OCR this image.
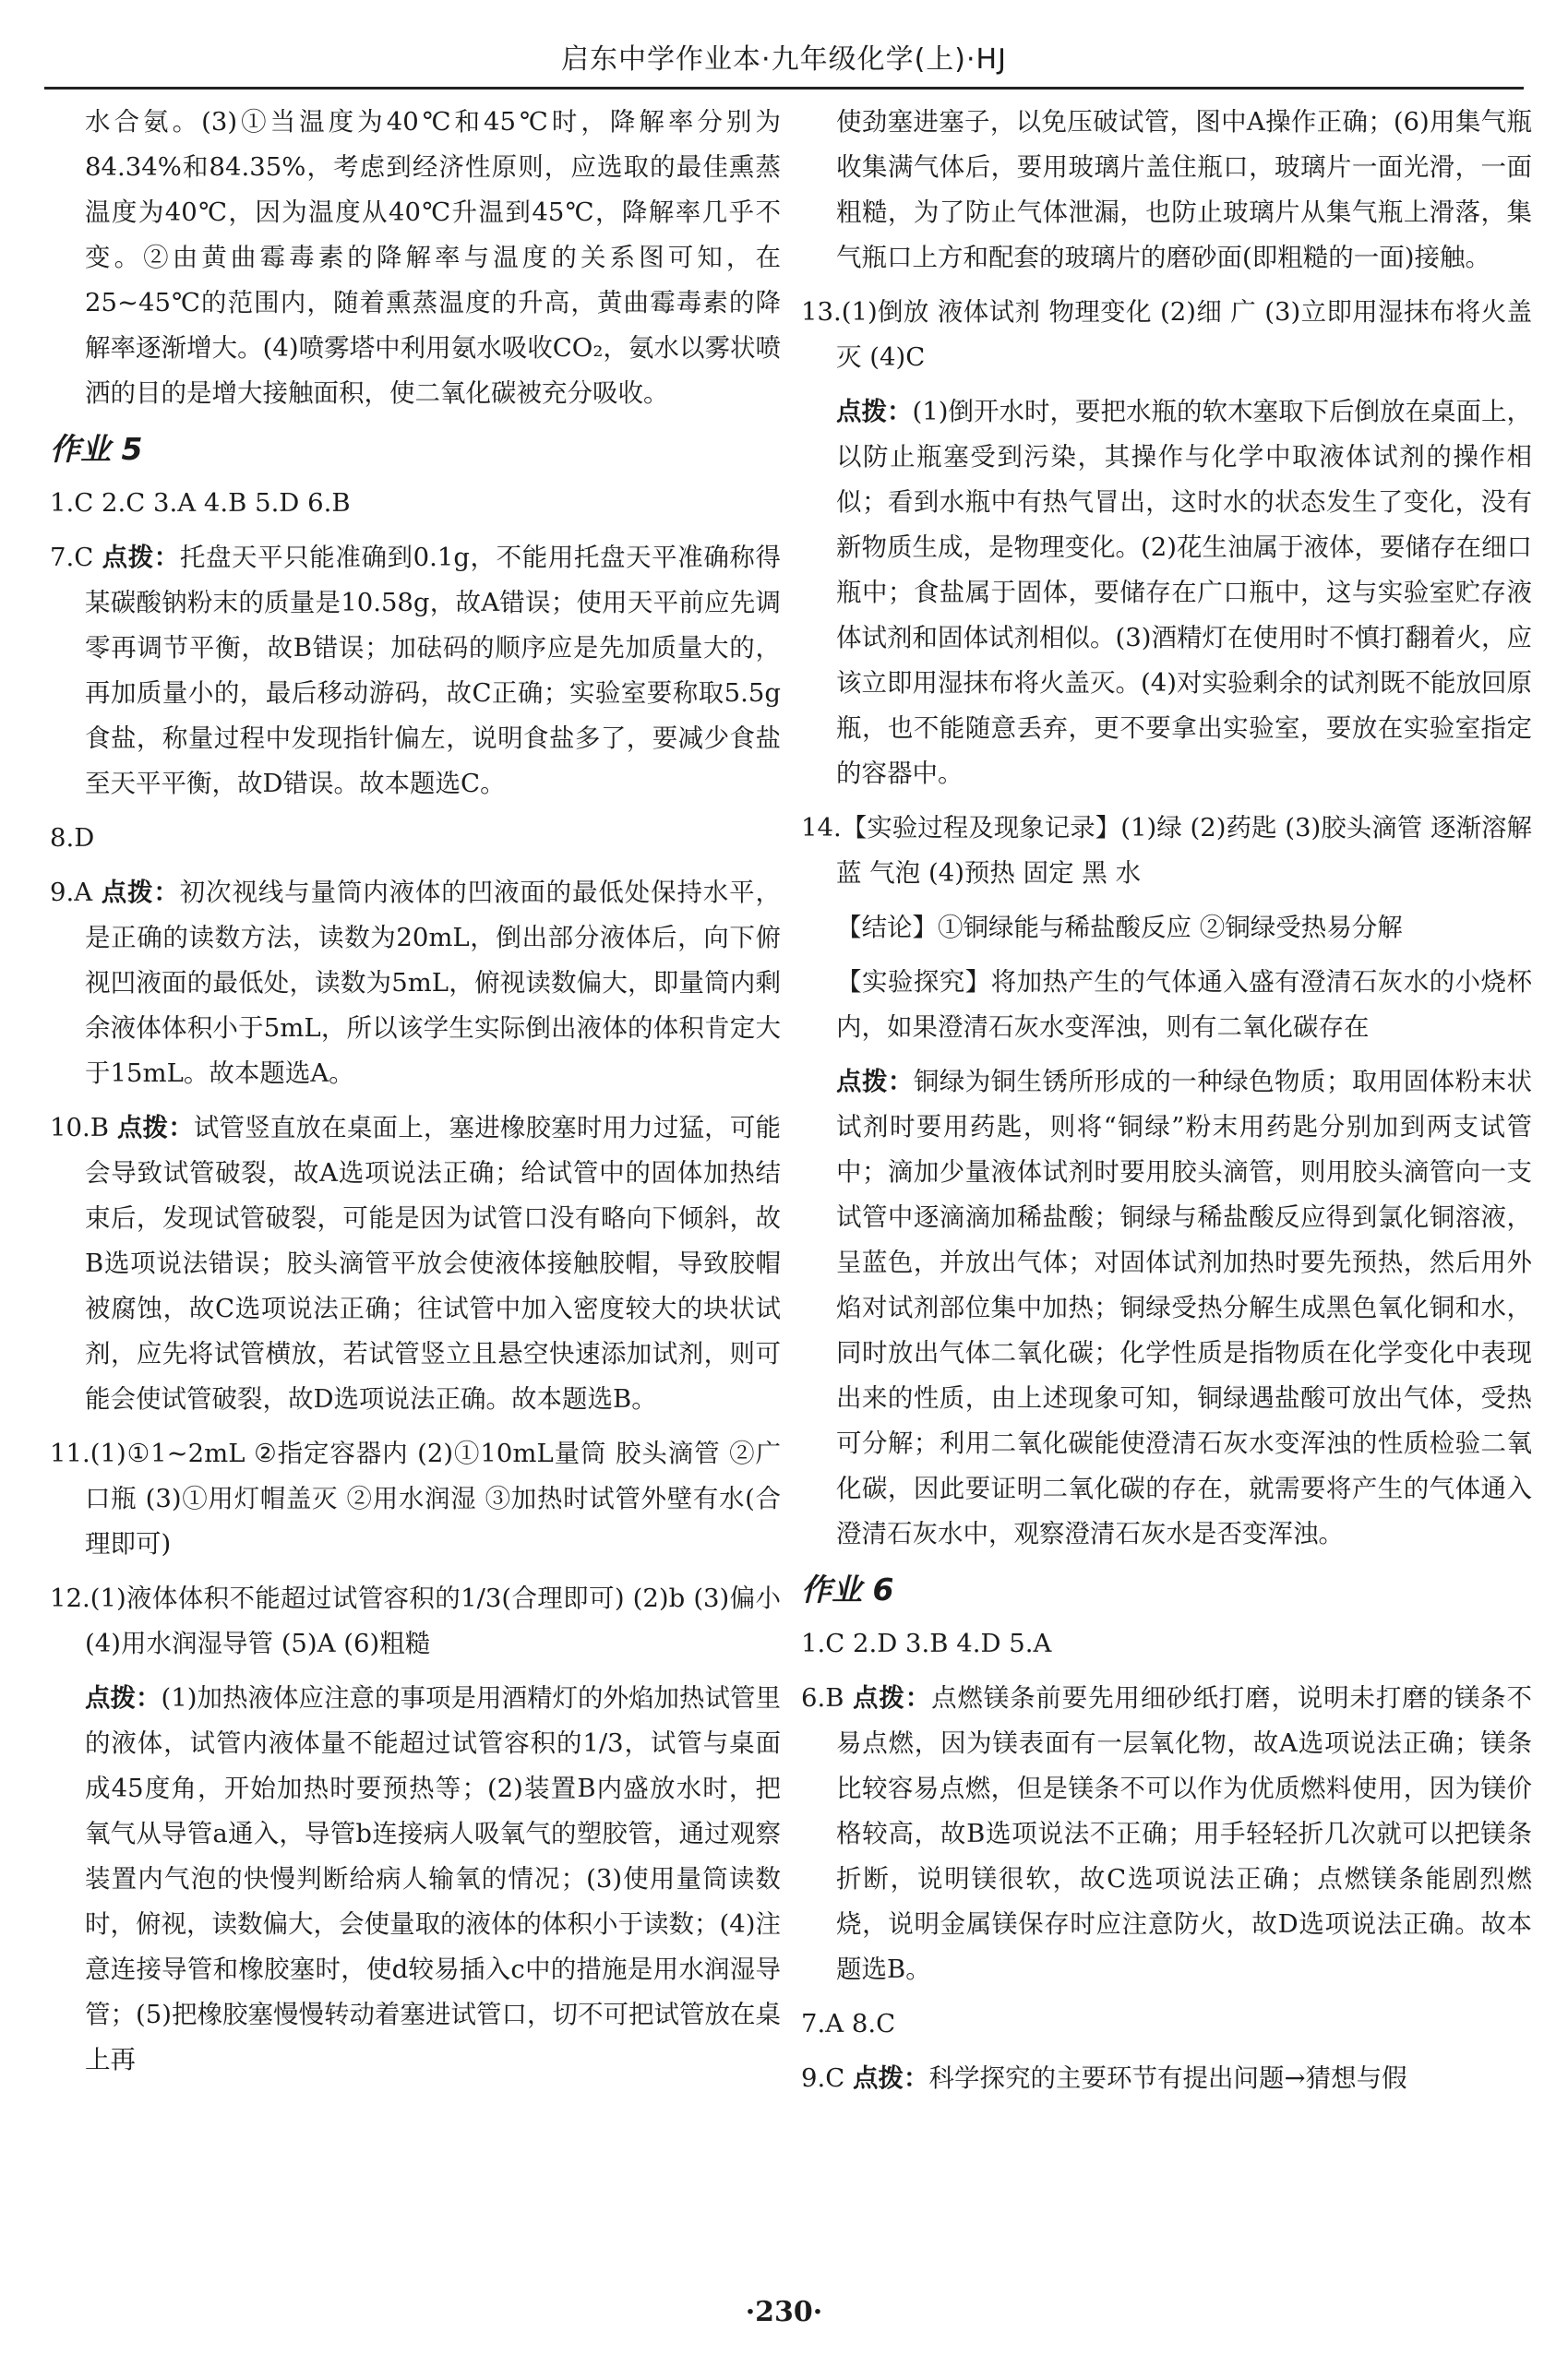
启东中学作业本·九年级化学(上)·HJ

水合氨。(3)①当温度为40℃和45℃时，降解率分别为84.34%和84.35%，考虑到经济性原则，应选取的最佳熏蒸温度为40℃，因为温度从40℃升温到45℃，降解率几乎不变。②由黄曲霉毒素的降解率与温度的关系图可知，在25~45℃的范围内，随着熏蒸温度的升高，黄曲霉毒素的降解率逐渐增大。(4)喷雾塔中利用氨水吸收CO₂，氨水以雾状喷洒的目的是增大接触面积，使二氧化碳被充分吸收。

作业 5

1.C 2.C 3.A 4.B 5.D 6.B

7.C 点拨：托盘天平只能准确到0.1g，不能用托盘天平准确称得某碳酸钠粉末的质量是10.58g，故A错误；使用天平前应先调零再调节平衡，故B错误；加砝码的顺序应是先加质量大的，再加质量小的，最后移动游码，故C正确；实验室要称取5.5g食盐，称量过程中发现指针偏左，说明食盐多了，要减少食盐至天平平衡，故D错误。故本题选C。

8.D

9.A 点拨：初次视线与量筒内液体的凹液面的最低处保持水平，是正确的读数方法，读数为20mL，倒出部分液体后，向下俯视凹液面的最低处，读数为5mL，俯视读数偏大，即量筒内剩余液体体积小于5mL，所以该学生实际倒出液体的体积肯定大于15mL。故本题选A。
10.B 点拨：试管竖直放在桌面上，塞进橡胶塞时用力过猛，可能会导致试管破裂，故A选项说法正确；给试管中的固体加热结束后，发现试管破裂，可能是因为试管口没有略向下倾斜，故B选项说法错误；胶头滴管平放会使液体接触胶帽，导致胶帽被腐蚀，故C选项说法正确；往试管中加入密度较大的块状试剂，应先将试管横放，若试管竖立且悬空快速添加试剂，则可能会使试管破裂，故D选项说法正确。故本题选B。
11.(1)①1~2mL ②指定容器内 (2)①10mL量筒 胶头滴管 ②广口瓶 (3)①用灯帽盖灭 ②用水润湿 ③加热时试管外壁有水(合理即可)
12.(1)液体体积不能超过试管容积的1/3(合理即可) (2)b (3)偏小 (4)用水润湿导管 (5)A (6)粗糙
点拨：(1)加热液体应注意的事项是用酒精灯的外焰加热试管里的液体，试管内液体量不能超过试管容积的1/3，试管与桌面成45度角，开始加热时要预热等；(2)装置B内盛放水时，把氧气从导管a通入，导管b连接病人吸氧气的塑胶管，通过观察装置内气泡的快慢判断给病人输氧的情况；(3)使用量筒读数时，俯视，读数偏大，会使量取的液体的体积小于读数；(4)注意连接导管和橡胶塞时，使d较易插入c中的措施是用水润湿导管；(5)把橡胶塞慢慢转动着塞进试管口，切不可把试管放在桌上再
使劲塞进塞子，以免压破试管，图中A操作正确；(6)用集气瓶收集满气体后，要用玻璃片盖住瓶口，玻璃片一面光滑，一面粗糙，为了防止气体泄漏，也防止玻璃片从集气瓶上滑落，集气瓶口上方和配套的玻璃片的磨砂面(即粗糙的一面)接触。
13.(1)倒放 液体试剂 物理变化 (2)细 广 (3)立即用湿抹布将火盖灭 (4)C
点拨：(1)倒开水时，要把水瓶的软木塞取下后倒放在桌面上，以防止瓶塞受到污染，其操作与化学中取液体试剂的操作相似；看到水瓶中有热气冒出，这时水的状态发生了变化，没有新物质生成，是物理变化。(2)花生油属于液体，要储存在细口瓶中；食盐属于固体，要储存在广口瓶中，这与实验室贮存液体试剂和固体试剂相似。(3)酒精灯在使用时不慎打翻着火，应该立即用湿抹布将火盖灭。(4)对实验剩余的试剂既不能放回原瓶，也不能随意丢弃，更不要拿出实验室，要放在实验室指定的容器中。
14.【实验过程及现象记录】(1)绿 (2)药匙 (3)胶头滴管 逐渐溶解 蓝 气泡 (4)预热 固定 黑 水
【结论】①铜绿能与稀盐酸反应 ②铜绿受热易分解
【实验探究】将加热产生的气体通入盛有澄清石灰水的小烧杯内，如果澄清石灰水变浑浊，则有二氧化碳存在
点拨：铜绿为铜生锈所形成的一种绿色物质；取用固体粉末状试剂时要用药匙，则将“铜绿”粉末用药匙分别加到两支试管中；滴加少量液体试剂时要用胶头滴管，则用胶头滴管向一支试管中逐滴滴加稀盐酸；铜绿与稀盐酸反应得到氯化铜溶液，呈蓝色，并放出气体；对固体试剂加热时要先预热，然后用外焰对试剂部位集中加热；铜绿受热分解生成黑色氧化铜和水，同时放出气体二氧化碳；化学性质是指物质在化学变化中表现出来的性质，由上述现象可知，铜绿遇盐酸可放出气体，受热可分解；利用二氧化碳能使澄清石灰水变浑浊的性质检验二氧化碳，因此要证明二氧化碳的存在，就需要将产生的气体通入澄清石灰水中，观察澄清石灰水是否变浑浊。
作业 6

1.C 2.D 3.B 4.D 5.A

6.B 点拨：点燃镁条前要先用细砂纸打磨，说明未打磨的镁条不易点燃，因为镁表面有一层氧化物，故A选项说法正确；镁条比较容易点燃，但是镁条不可以作为优质燃料使用，因为镁价格较高，故B选项说法不正确；用手轻轻折几次就可以把镁条折断，说明镁很软，故C选项说法正确；点燃镁条能剧烈燃烧，说明金属镁保存时应注意防火，故D选项说法正确。故本题选B。

7.A 8.C

9.C 点拨：科学探究的主要环节有提出问题→猜想与假
·230·
